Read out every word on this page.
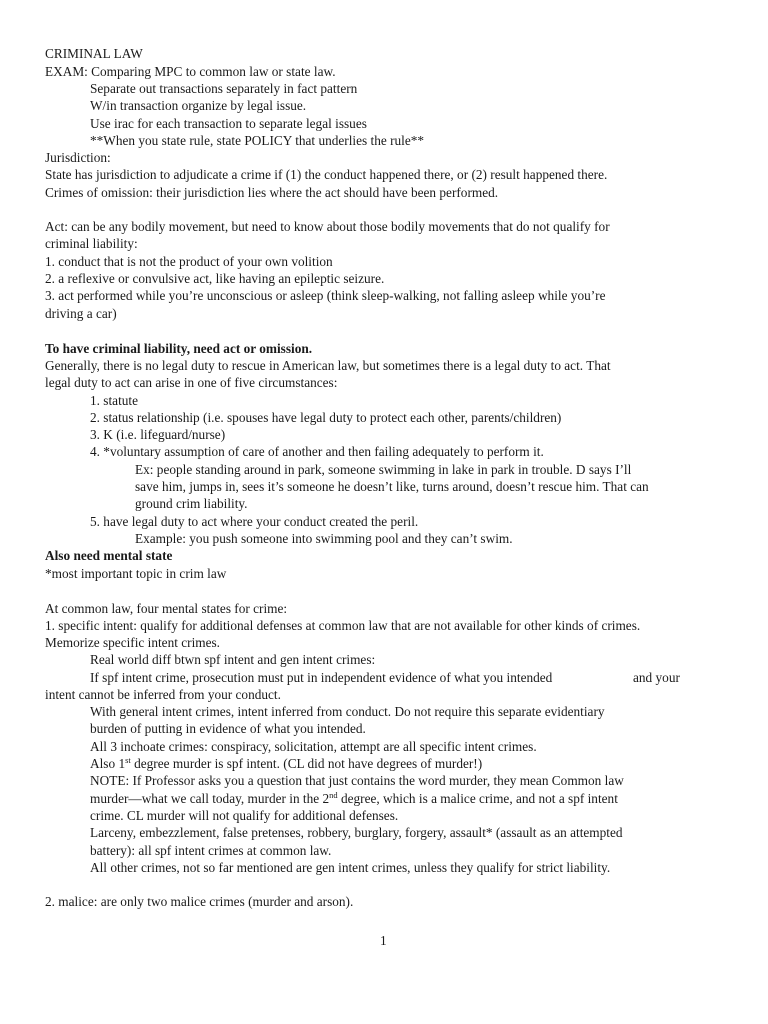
CRIMINAL LAW
EXAM: Comparing MPC to common law or state law.
Separate out transactions separately in fact pattern
W/in transaction organize by legal issue.
Use irac for each transaction to separate legal issues
**When you state rule, state POLICY that underlies the rule**
Jurisdiction:
State has jurisdiction to adjudicate a crime if (1) the conduct happened there, or (2) result happened there.
Crimes of omission: their jurisdiction lies where the act should have been performed.
Act: can be any bodily movement, but need to know about those bodily movements that do not qualify for
criminal liability:
1. conduct that is not the product of your own volition
2. a reflexive or convulsive act, like having an epileptic seizure.
3. act performed while you’re unconscious or asleep (think sleep-walking, not falling asleep while you’re
driving a car)
To have criminal liability, need act or omission.
Generally, there is no legal duty to rescue in American law, but sometimes there is a legal duty to act. That
legal duty to act can arise in one of five circumstances:
1. statute
2. status relationship (i.e. spouses have legal duty to protect each other, parents/children)
3. K (i.e. lifeguard/nurse)
4. *voluntary assumption of care of another and then failing adequately to perform it.
Ex: people standing around in park, someone swimming in lake in park in trouble. D says I’ll
save him, jumps in, sees it’s someone he doesn’t like, turns around, doesn’t rescue him. That can
ground crim liability.
5. have legal duty to act where your conduct created the peril.
Example: you push someone into swimming pool and they can’t swim.
Also need mental state
*most important topic in crim law
At common law, four mental states for crime:
1. specific intent: qualify for additional defenses at common law that are not available for other kinds of crimes.
Memorize specific intent crimes.
Real world diff btwn spf intent and gen intent crimes:
If spf intent crime, prosecution must put in independent evidence of what you intended	and your
intent cannot be inferred from your conduct.
With general intent crimes, intent inferred from conduct. Do not require this separate evidentiary
burden of putting in evidence of what you intended.
All 3 inchoate crimes: conspiracy, solicitation, attempt are all specific intent crimes.
Also 1st degree murder is spf intent. (CL did not have degrees of murder!)
NOTE: If Professor asks you a question that just contains the word murder, they mean Common law
murder—what we call today, murder in the 2nd degree, which is a malice crime, and not a spf intent
crime. CL murder will not qualify for additional defenses.
Larceny, embezzlement, false pretenses, robbery, burglary, forgery, assault* (assault as an attempted
battery): all spf intent crimes at common law.
All other crimes, not so far mentioned are gen intent crimes, unless they qualify for strict liability.
2. malice: are only two malice crimes (murder and arson).
1
